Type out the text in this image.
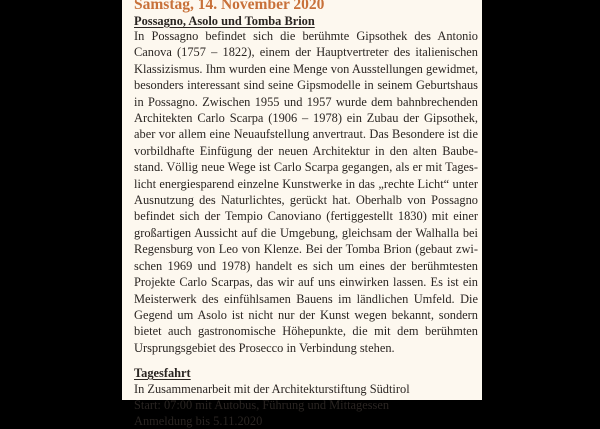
Samstag, 14. November 2020
Possagno, Asolo und Tomba Brion
In Possagno befindet sich die berühmte Gipsothek des Antonio
Canova (1757 – 1822), einem der Hauptvertreter des italienischen
Klassizismus. Ihm wurden eine Menge von Ausstellungen gewidmet,
besonders interessant sind seine Gipsmodelle in seinem Geburtshaus
in Possagno. Zwischen 1955 und 1957 wurde dem bahnbrechenden
Architekten Carlo Scarpa (1906 – 1978) ein Zubau der Gipsothek,
aber vor allem eine Neuaufstellung anvertraut. Das Besondere ist die
vorbildhafte Einfügung der neuen Architektur in den alten Baube-
stand. Völlig neue Wege ist Carlo Scarpa gegangen, als er mit Tages-
licht energiesparend einzelne Kunstwerke in das „rechte Licht“ unter
Ausnutzung des Naturlichtes, gerückt hat. Oberhalb von Possagno
befindet sich der Tempio Canoviano (fertiggestellt 1830) mit einer
großartigen Aussicht auf die Umgebung, gleichsam der Walhalla bei
Regensburg von Leo von Klenze. Bei der Tomba Brion (gebaut zwi-
schen 1969 und 1978) handelt es sich um eines der berühmtesten
Projekte Carlo Scarpas, das wir auf uns einwirken lassen. Es ist ein
Meisterwerk des einfühlsamen Bauens im ländlichen Umfeld. Die
Gegend um Asolo ist nicht nur der Kunst wegen bekannt, sondern
bietet auch gastronomische Höhepunkte, die mit dem berühmten
Ursprungsgebiet des Prosecco in Verbindung stehen.
Tagesfahrt
In Zusammenarbeit mit der Architekturstiftung Südtirol
Start: 07:00 mit Autobus, Führung und Mittagessen
Anmeldung bis 5.11.2020
